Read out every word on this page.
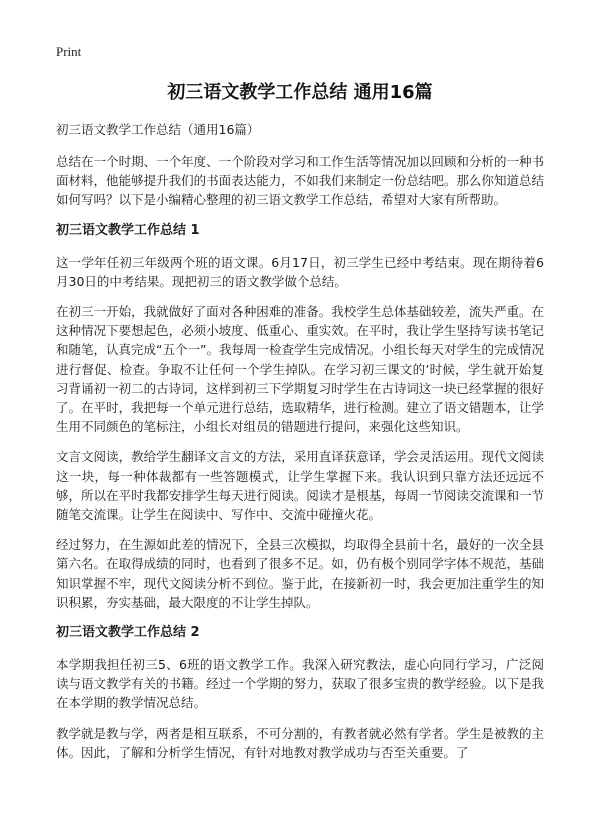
Print
初三语文教学工作总结 通用16篇
初三语文教学工作总结（通用16篇）

总结在一个时期、一个年度、一个阶段对学习和工作生活等情况加以回顾和分析的一种书面材料，他能够提升我们的书面表达能力，不如我们来制定一份总结吧。那么你知道总结如何写吗？以下是小编精心整理的初三语文教学工作总结，希望对大家有所帮助。

初三语文教学工作总结 1

这一学年任初三年级两个班的语文课。6月17日，初三学生已经中考结束。现在期待着6月30日的中考结果。现把初三的语文教学做个总结。

在初三一开始，我就做好了面对各种困难的准备。我校学生总体基础较差，流失严重。在这种情况下要想起色，必须小坡度、低重心、重实效。在平时，我让学生坚持写读书笔记和随笔，认真完成“五个一”。我每周一检查学生完成情况。小组长每天对学生的完成情况进行督促、检查。争取不让任何一个学生掉队。在学习初三课文的’时候，学生就开始复习背诵初一初二的古诗词，这样到初三下学期复习时学生在古诗词这一块已经掌握的很好了。在平时，我把每一个单元进行总结，选取精华，进行检测。建立了语文错题本，让学生用不同颜色的笔标注，小组长对组员的错题进行提问，来强化这些知识。

文言文阅读，教给学生翻译文言文的方法，采用直译获意译，学会灵活运用。现代文阅读这一块，每一种体裁都有一些答题模式，让学生掌握下来。我认识到只靠方法还远远不够，所以在平时我都安排学生每天进行阅读。阅读才是根基，每周一节阅读交流课和一节随笔交流课。让学生在阅读中、写作中、交流中碰撞火花。

经过努力，在生源如此差的情况下，全县三次模拟，均取得全县前十名，最好的一次全县第六名。在取得成绩的同时，也看到了很多不足。如，仍有极个别同学字体不规范，基础知识掌握不牢，现代文阅读分析不到位。鉴于此，在接新初一时，我会更加注重学生的知识积累，夯实基础，最大限度的不让学生掉队。

初三语文教学工作总结 2

本学期我担任初三5、6班的语文教学工作。我深入研究教法，虚心向同行学习，广泛阅读与语文教学有关的书籍。经过一个学期的努力，获取了很多宝贵的教学经验。以下是我在本学期的教学情况总结。

教学就是教与学，两者是相互联系，不可分割的，有教者就必然有学者。学生是被教的主体。因此，了解和分析学生情况，有针对地教对教学成功与否至关重要。了
